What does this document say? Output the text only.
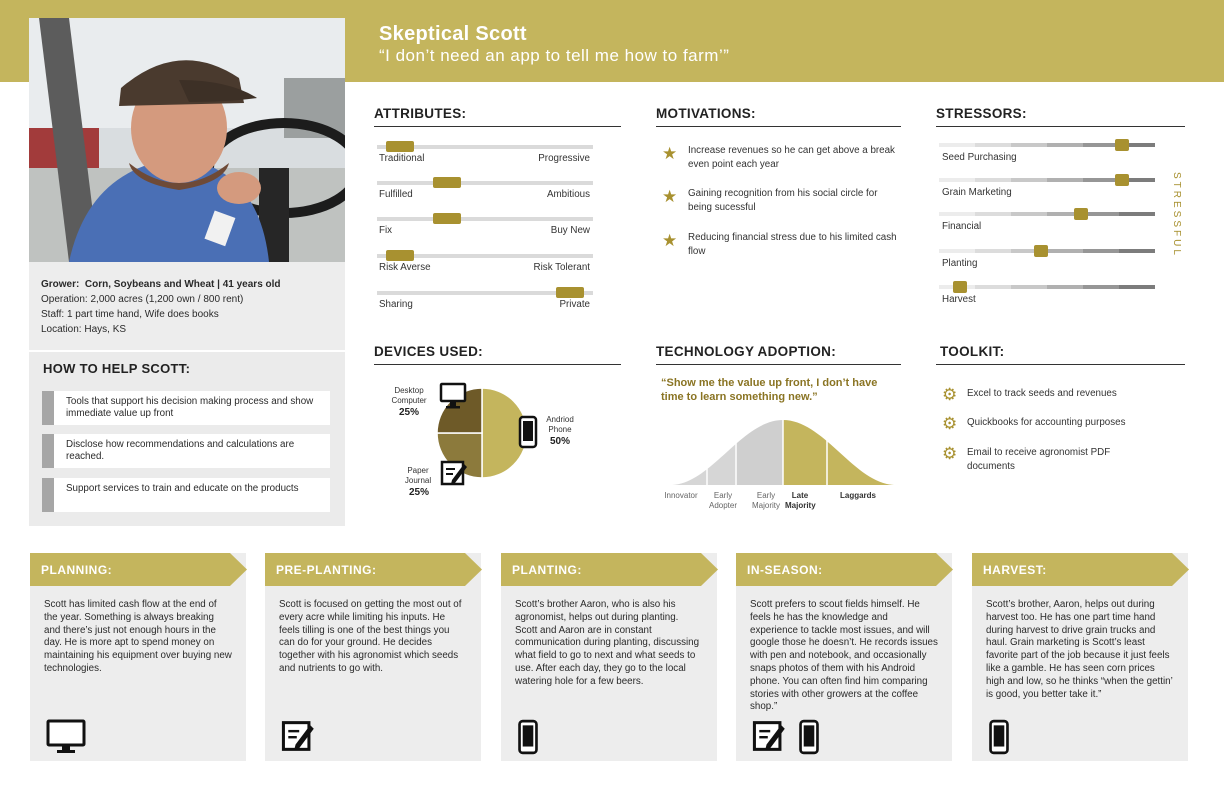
Skeptical Scott
“I don’t need an app to tell me how to farm’”
Grower: Corn, Soybeans and Wheat | 41 years old
Operation: 2,000 acres (1,200 own / 800 rent)
Staff: 1 part time hand, Wife does books
Location: Hays, KS
HOW TO HELP SCOTT:
Tools that support his decision making process and show immediate value up front
Disclose how recommendations and calculations are reached.
Support services to train and educate on the products
ATTRIBUTES:
Traditional	Progressive
Fulfilled	Ambitious
Fix	Buy New
Risk Averse	Risk Tolerant
Sharing	Private
MOTIVATIONS:
★ Increase revenues so he can get above a break even point each year
★ Gaining recognition from his social circle for being sucessful
★ Reducing financial stress due to his limited cash flow
STRESSORS:
Seed Purchasing
Grain Marketing
Financial
Planting
Harvest
STRESSFUL
DEVICES USED:
Desktop
Computer
25%
Andriod
Phone
50%
Paper
Journal
25%
TECHNOLOGY ADOPTION:
“Show me the value up front, I don’t have time to learn something new.”
Innovator	Early
Adopter
Early
Majority
Late
Majority
Laggards
TOOLKIT:
⚙ Excel to track seeds and revenues
⚙ Quickbooks for accounting purposes
⚙ Email to receive agronomist PDF documents
PLANNING:
Scott has limited cash flow at the end of the year. Something is always breaking and there’s just not enough hours in the day. He is more apt to spend money on maintaining his equipment over buying new technologies.
PRE-PLANTING:
Scott is focused on getting the most out of every acre while limiting his inputs. He feels tilling is one of the best things you can do for your ground. He decides together with his agronomist which seeds and nutrients to go with.
PLANTING:
Scott’s brother Aaron, who is also his agronomist, helps out during planting. Scott and Aaron are in constant communication during planting, discussing what field to go to next and what seeds to use. After each day, they go to the local watering hole for a few beers.
IN-SEASON:
Scott prefers to scout fields himself. He feels he has the knowledge and experience to tackle most issues, and will google those he doesn’t. He records issues with pen and notebook, and occasionally snaps photos of them with his Android phone. You can often find him comparing stories with other growers at the coffee shop.”
HARVEST:
Scott’s brother, Aaron, helps out during harvest too. He has one part time hand during harvest to drive grain trucks and haul. Grain marketing is Scott’s least favorite part of the job because it just feels like a gamble. He has seen corn prices high and low, so he thinks “when the gettin’ is good, you better take it.”
